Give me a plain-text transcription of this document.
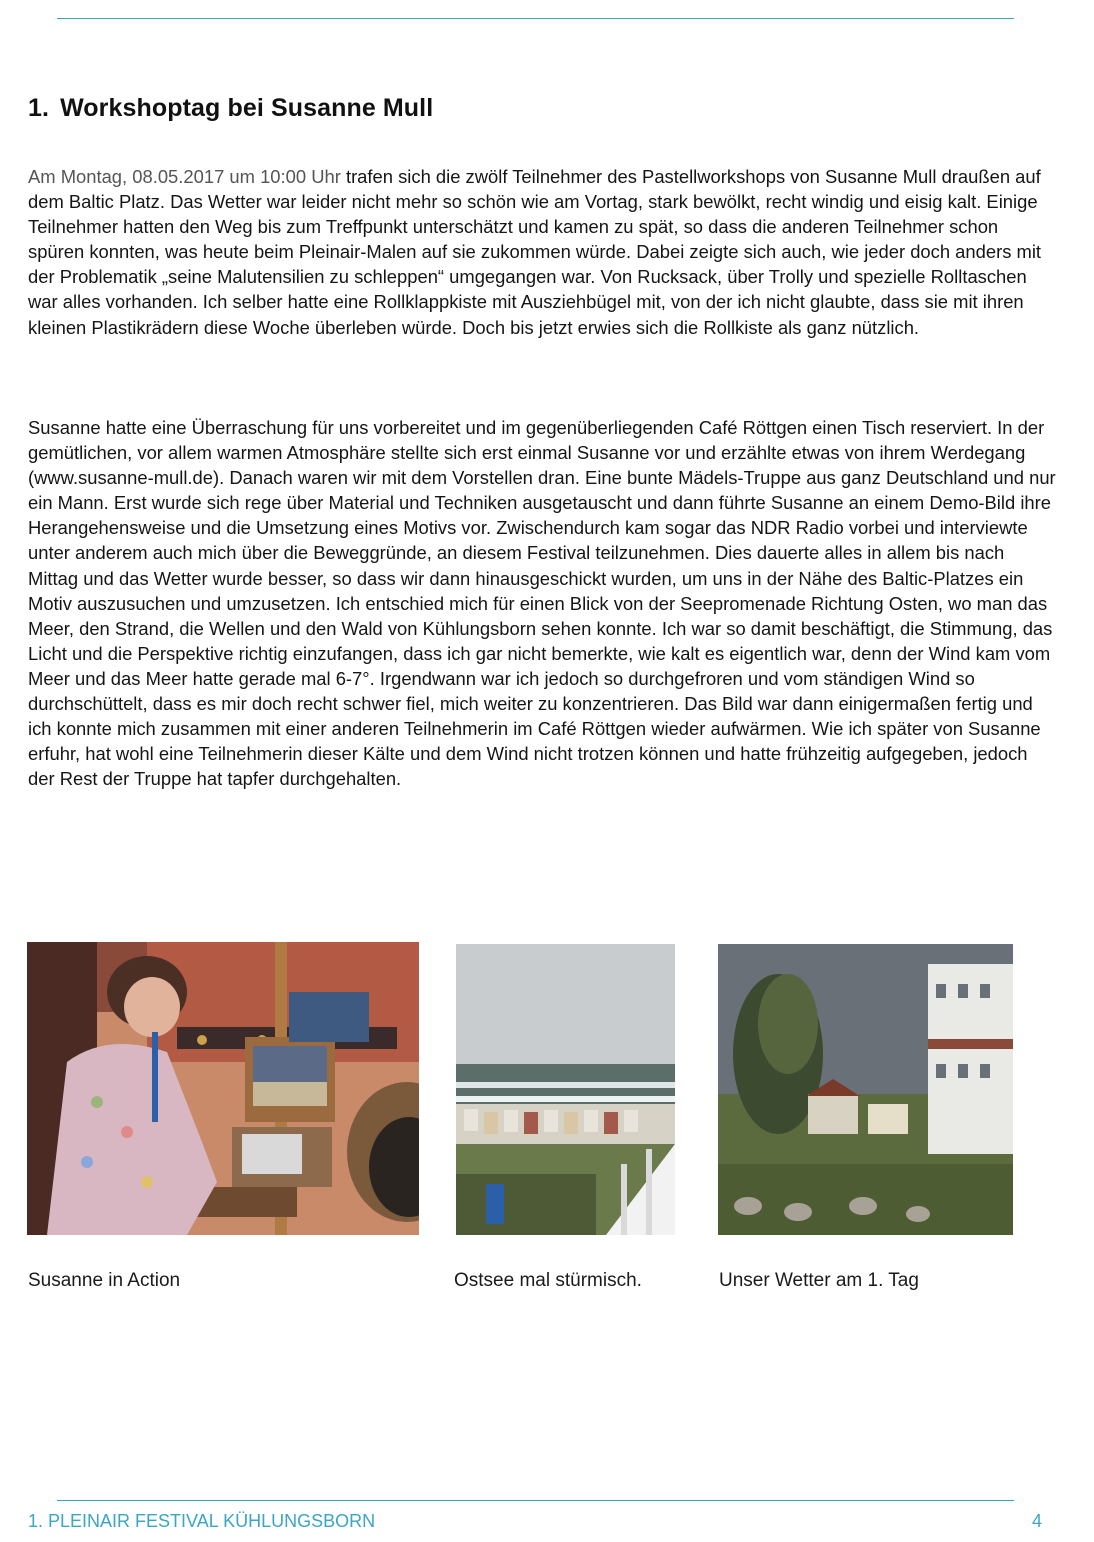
1. Workshoptag bei Susanne Mull

Am Montag, 08.05.2017 um 10:00 Uhr trafen sich die zwölf Teilnehmer des Pastellworkshops von Susanne Mull draußen auf dem Baltic Platz. Das Wetter war leider nicht mehr so schön wie am Vortag, stark bewölkt, recht windig und eisig kalt. Einige Teilnehmer hatten den Weg bis zum Treffpunkt unterschätzt und kamen zu spät, so dass die anderen Teilnehmer schon spüren konnten, was heute beim Pleinair-Malen auf sie zukommen würde. Dabei zeigte sich auch, wie jeder doch anders mit der Problematik „seine Malutensilien zu schleppen“ umgegangen war. Von Rucksack, über Trolly und spezielle Rolltaschen war alles vorhanden. Ich selber hatte eine Rollklappkiste mit Ausziehbügel mit, von der ich nicht glaubte, dass sie mit ihren kleinen Plastikrädern diese Woche überleben würde. Doch bis jetzt erwies sich die Rollkiste als ganz nützlich.

Susanne hatte eine Überraschung für uns vorbereitet und im gegenüberliegenden Café Röttgen einen Tisch reserviert. In der gemütlichen, vor allem warmen Atmosphäre stellte sich erst einmal Susanne vor und erzählte etwas von ihrem Werdegang (www.susanne-mull.de). Danach waren wir mit dem Vorstellen dran. Eine bunte Mädels-Truppe aus ganz Deutschland und nur ein Mann. Erst wurde sich rege über Material und Techniken ausgetauscht und dann führte Susanne an einem Demo-Bild ihre Herangehensweise und die Umsetzung eines Motivs vor. Zwischendurch kam sogar das NDR Radio vorbei und interviewte unter anderem auch mich über die Beweggründe, an diesem Festival teilzunehmen. Dies dauerte alles in allem bis nach Mittag und das Wetter wurde besser, so dass wir dann hinausgeschickt wurden, um uns in der Nähe des Baltic-Platzes ein Motiv auszusuchen und umzusetzen. Ich entschied mich für einen Blick von der Seepromenade Richtung Osten, wo man das Meer, den Strand, die Wellen und den Wald von Kühlungsborn sehen konnte. Ich war so damit beschäftigt, die Stimmung, das Licht und die Perspektive richtig einzufangen, dass ich gar nicht bemerkte, wie kalt es eigentlich war, denn der Wind kam vom Meer und das Meer hatte gerade mal 6-7°. Irgendwann war ich jedoch so durchgefroren und vom ständigen Wind so durchschüttelt, dass es mir doch recht schwer fiel, mich weiter zu konzentrieren. Das Bild war dann einigermaßen fertig und ich konnte mich zusammen mit einer anderen Teilnehmerin im Café Röttgen wieder aufwärmen. Wie ich später von Susanne erfuhr, hat wohl eine Teilnehmerin dieser Kälte und dem Wind nicht trotzen können und hatte frühzeitig aufgegeben, jedoch der Rest der Truppe hat tapfer durchgehalten.

Susanne in Action	Ostsee mal stürmisch.	Unser Wetter am 1. Tag
1. PLEINAIR FESTIVAL KÜHLUNGSBORN	4
